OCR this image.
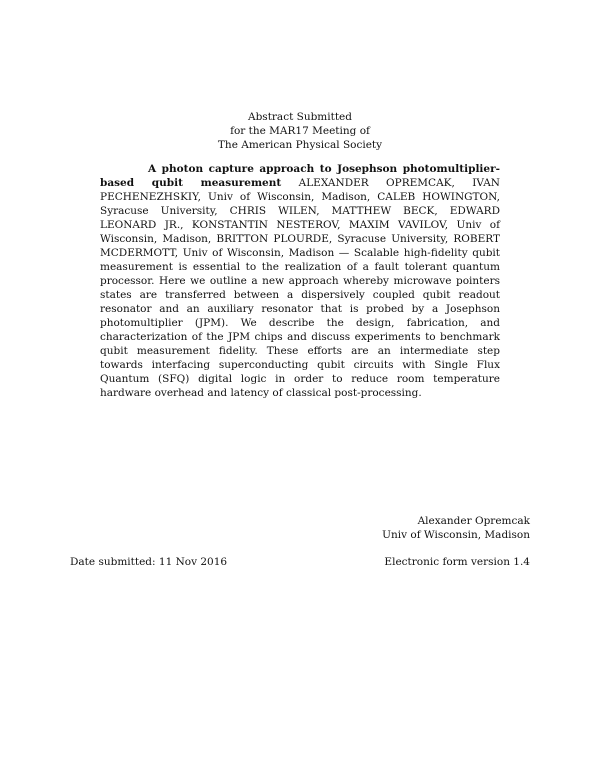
Abstract Submitted
for the MAR17 Meeting of
The American Physical Society
A photon capture approach to Josephson photomultiplier-based qubit measurement ALEXANDER OPREMCAK, IVAN PECHENEZHSKIY, Univ of Wisconsin, Madison, CALEB HOWINGTON, Syracuse University, CHRIS WILEN, MATTHEW BECK, EDWARD LEONARD JR., KONSTANTIN NESTEROV, MAXIM VAVILOV, Univ of Wisconsin, Madison, BRITTON PLOURDE, Syracuse University, ROBERT MCDERMOTT, Univ of Wisconsin, Madison — Scalable high-fidelity qubit measurement is essential to the realization of a fault tolerant quantum processor. Here we outline a new approach whereby microwave pointers states are transferred between a dispersively coupled qubit readout resonator and an auxiliary resonator that is probed by a Josephson photomultiplier (JPM). We describe the design, fabrication, and characterization of the JPM chips and discuss experiments to benchmark qubit measurement fidelity. These efforts are an intermediate step towards interfacing superconducting qubit circuits with Single Flux Quantum (SFQ) digital logic in order to reduce room temperature hardware overhead and latency of classical post-processing.
Alexander Opremcak
Univ of Wisconsin, Madison
Date submitted: 11 Nov 2016	Electronic form version 1.4
